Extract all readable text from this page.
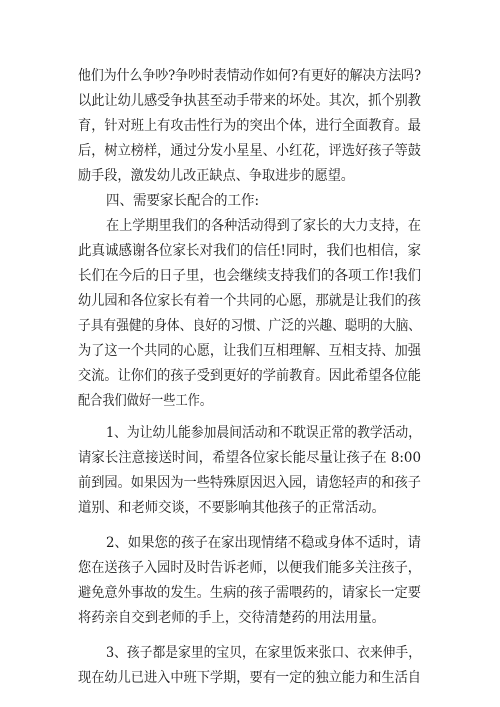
他们为什么争吵?争吵时表情动作如何?有更好的解决方法吗?
以此让幼儿感受争执甚至动手带来的坏处。其次，抓个别教
育，针对班上有攻击性行为的突出个体，进行全面教育。最
后，树立榜样，通过分发小星星、小红花，评选好孩子等鼓
励手段，激发幼儿改正缺点、争取进步的愿望。
四、需要家长配合的工作:
在上学期里我们的各种活动得到了家长的大力支持，在
此真诚感谢各位家长对我们的信任!同时，我们也相信，家
长们在今后的日子里，也会继续支持我们的各项工作!我们
幼儿园和各位家长有着一个共同的心愿，那就是让我们的孩
子具有强健的身体、良好的习惯、广泛的兴趣、聪明的大脑、
为了这一个共同的心愿，让我们互相理解、互相支持、加强
交流。让你们的孩子受到更好的学前教育。因此希望各位能
配合我们做好一些工作。
1、为让幼儿能参加晨间活动和不耽误正常的教学活动，
请家长注意接送时间，希望各位家长能尽量让孩子在 8:00
前到园。如果因为一些特殊原因迟入园，请您轻声的和孩子
道别、和老师交谈，不要影响其他孩子的正常活动。
2、如果您的孩子在家出现情绪不稳或身体不适时，请
您在送孩子入园时及时告诉老师，以便我们能多关注孩子，
避免意外事故的发生。生病的孩子需喂药的，请家长一定要
将药亲自交到老师的手上，交待清楚药的用法用量。
3、孩子都是家里的宝贝，在家里饭来张口、衣来伸手，
现在幼儿已进入中班下学期，要有一定的独立能力和生活自
